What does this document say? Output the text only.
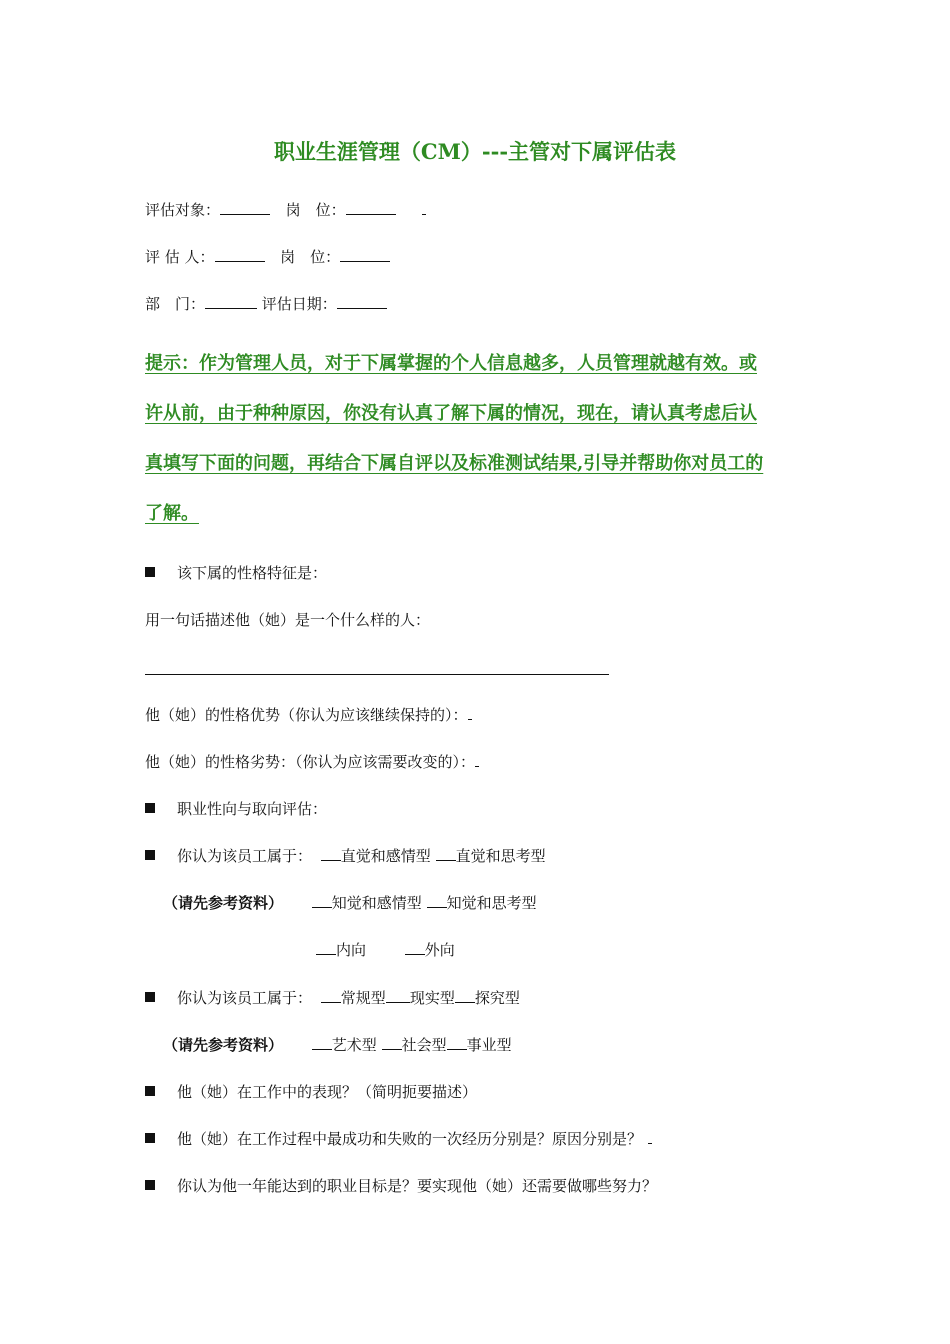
职业生涯管理（CM）---主管对下属评估表
评估对象：	岗　位：
评 估 人：	岗　位：
部　门：	评估日期：
提示：作为管理人员，对于下属掌握的个人信息越多，人员管理就越有效。或
许从前，由于种种原因，你没有认真了解下属的情况，现在，请认真考虑后认
真填写下面的问题，再结合下属自评以及标准测试结果,引导并帮助你对员工的
了解。
该下属的性格特征是：
用一句话描述他（她）是一个什么样的人：
他（她）的性格优势（你认为应该继续保持的）：
他（她）的性格劣势：（你认为应该需要改变的）：
职业性向与取向评估：
你认为该员工属于： 直觉和感情型 直觉和思考型
（请先参考资料）	知觉和感情型 知觉和思考型
内向	外向
你认为该员工属于： 常规型 现实型 探究型
（请先参考资料）	艺术型 社会型 事业型
他（她）在工作中的表现？（简明扼要描述）
他（她）在工作过程中最成功和失败的一次经历分别是？原因分别是？
你认为他一年能达到的职业目标是？要实现他（她）还需要做哪些努力？
